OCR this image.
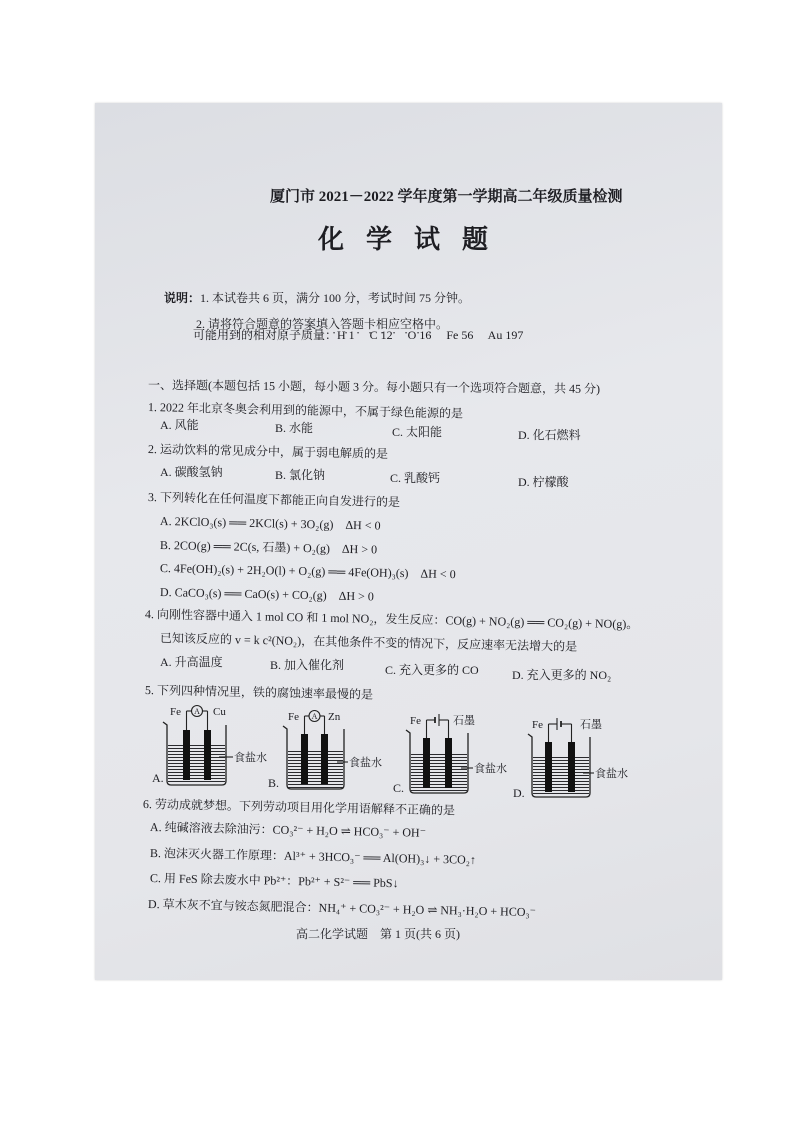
厦门市 2021－2022 学年度第一学期高二年级质量检测
化学试题

说明：1. 本试卷共 6 页，满分 100 分，考试时间 75 分钟。

2. 请将符合题意的答案填入答题卡相应空格中。

可能用到的相对原子质量：H 1　 C 12　 O 16　 Fe 56　 Au 197
一、选择题(本题包括 15 小题，每小题 3 分。每小题只有一个选项符合题意，共 45 分)
1. 2022 年北京冬奥会利用到的能源中，不属于绿色能源的是
A. 风能	B. 水能	C. 太阳能	D. 化石燃料
2. 运动饮料的常见成分中，属于弱电解质的是
A. 碳酸氢钠	B. 氯化钠	C. 乳酸钙	D. 柠檬酸
3. 下列转化在任何温度下都能正向自发进行的是
A. 2KClO₃(s) ══ 2KCl(s) + 3O₂(g)　ΔH < 0
B. 2CO(g) ══ 2C(s, 石墨) + O₂(g)　ΔH > 0
C. 4Fe(OH)₂(s) + 2H₂O(l) + O₂(g) ══ 4Fe(OH)₃(s)　ΔH < 0
D. CaCO₃(s) ══ CaO(s) + CO₂(g)　ΔH > 0
4. 向刚性容器中通入 1 mol CO 和 1 mol NO₂，发生反应：CO(g) + NO₂(g) ══ CO₂(g) + NO(g)。
已知该反应的 v = k c²(NO₂)，在其他条件不变的情况下，反应速率无法增大的是
A. 升高温度	B. 加入催化剂	C. 充入更多的 CO	D. 充入更多的 NO₂
5. 下列四种情况里，铁的腐蚀速率最慢的是
A
Fe	Cu
食盐水
A.
A
Fe	Zn
食盐水
B.
Fe	石墨
食盐水
C.
Fe	石墨
食盐水
D.
6. 劳动成就梦想。下列劳动项目用化学用语解释不正确的是
A. 纯碱溶液去除油污：CO₃²⁻ + H₂O ⇌ HCO₃⁻ + OH⁻
B. 泡沫灭火器工作原理：Al³⁺ + 3HCO₃⁻ ══ Al(OH)₃↓ + 3CO₂↑
C. 用 FeS 除去废水中 Pb²⁺：Pb²⁺ + S²⁻ ══ PbS↓
D. 草木灰不宜与铵态氮肥混合：NH₄⁺ + CO₃²⁻ + H₂O ⇌ NH₃·H₂O + HCO₃⁻
高二化学试题　第 1 页(共 6 页)
